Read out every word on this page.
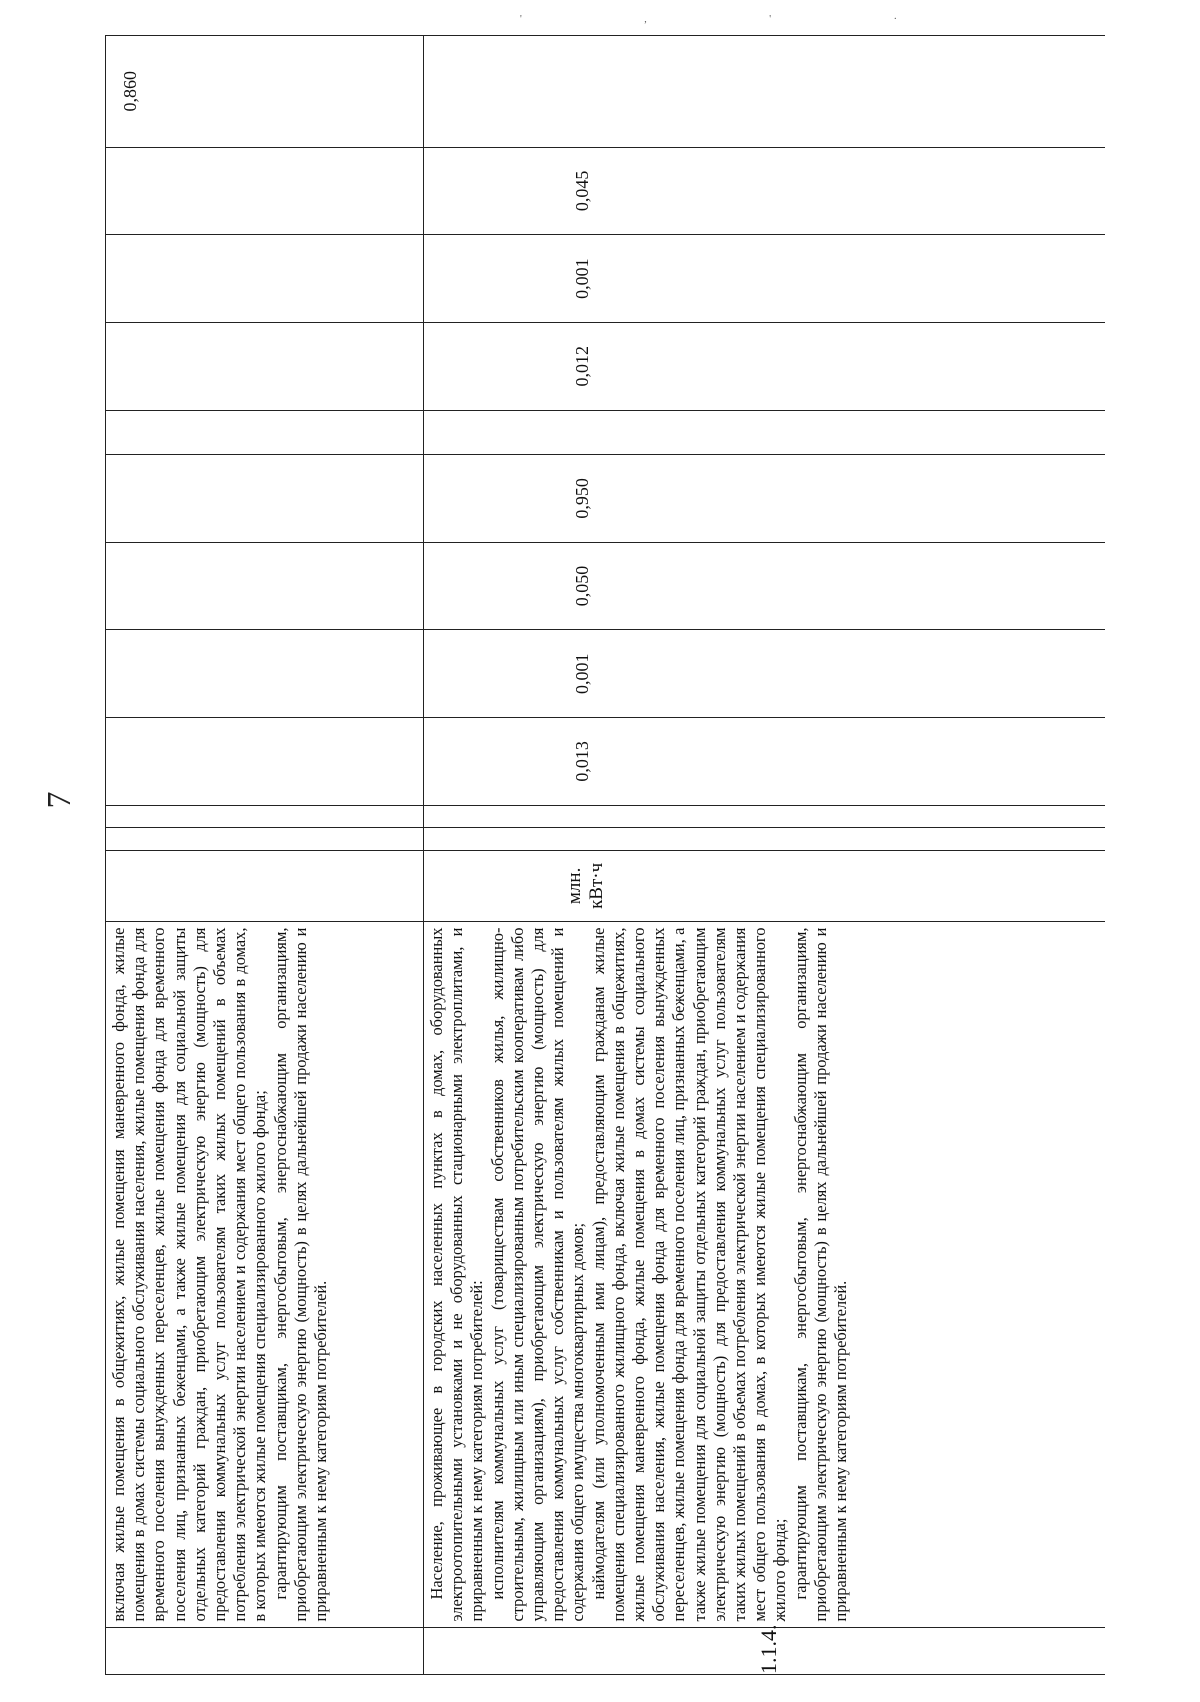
' , ' ·
7

	включая жилые помещения в общежитиях, жилые помещения маневренного фонда, жилые помещения в домах системы социального обслуживания населения, жилые помещения фонда для временного поселения вынужденных переселенцев, жилые помещения фонда для временного поселения лиц, признанных беженцами, а также жилые помещения для социальной защиты отдельных категорий граждан, приобретающим электрическую энергию (мощность) для предоставления коммунальных услуг пользователям таких жилых помещений в объемах потребления электрической энергии населением и содержания мест общего пользования в домах, в которых имеются жилые помещения специализированного жилого фонда; гарантирующим поставщикам, энергосбытовым, энергоснабжающим организациям, приобретающим электрическую энергию (мощность) в целях дальнейшей продажи населению и приравненным к нему категориям потребителей.												0,860

1.1.4.	Население, проживающее в городских населенных пунктах в домах, оборудованных электроотопительными установками и не оборудованных стационарными электроплитами, и приравненным к нему категориям потребителей: исполнителям коммунальных услуг (товариществам собственников жилья, жилищно-строительным, жилищным или иным специализированным потребительским кооперативам либо управляющим организациям), приобретающим электрическую энергию (мощность) для предоставления коммунальных услуг собственникам и пользователям жилых помещений и содержания общего имущества многоквартирных домов; наймодателям (или уполномоченным ими лицам), предоставляющим гражданам жилые помещения специализированного жилищного фонда, включая жилые помещения в общежитиях, жилые помещения маневренного фонда, жилые помещения в домах системы социального обслуживания населения, жилые помещения фонда для временного поселения вынужденных переселенцев, жилые помещения фонда для временного поселения лиц, признанных беженцами, а также жилые помещения для социальной защиты отдельных категорий граждан, приобретающим электрическую энергию (мощность) для предоставления коммунальных услуг пользователям таких жилых помещений в объемах потребления электрической энергии населением и содержания мест общего пользования в домах, в которых имеются жилые помещения специализированного жилого фонда; гарантирующим поставщикам, энергосбытовым, энергоснабжающим организациям, приобретающим электрическую энергию (мощность) в целях дальнейшей продажи населению и приравненным к нему категориям потребителей.	млн. кВт·ч			0,013	0,001	0,050	0,950		0,012	0,001	0,045	
